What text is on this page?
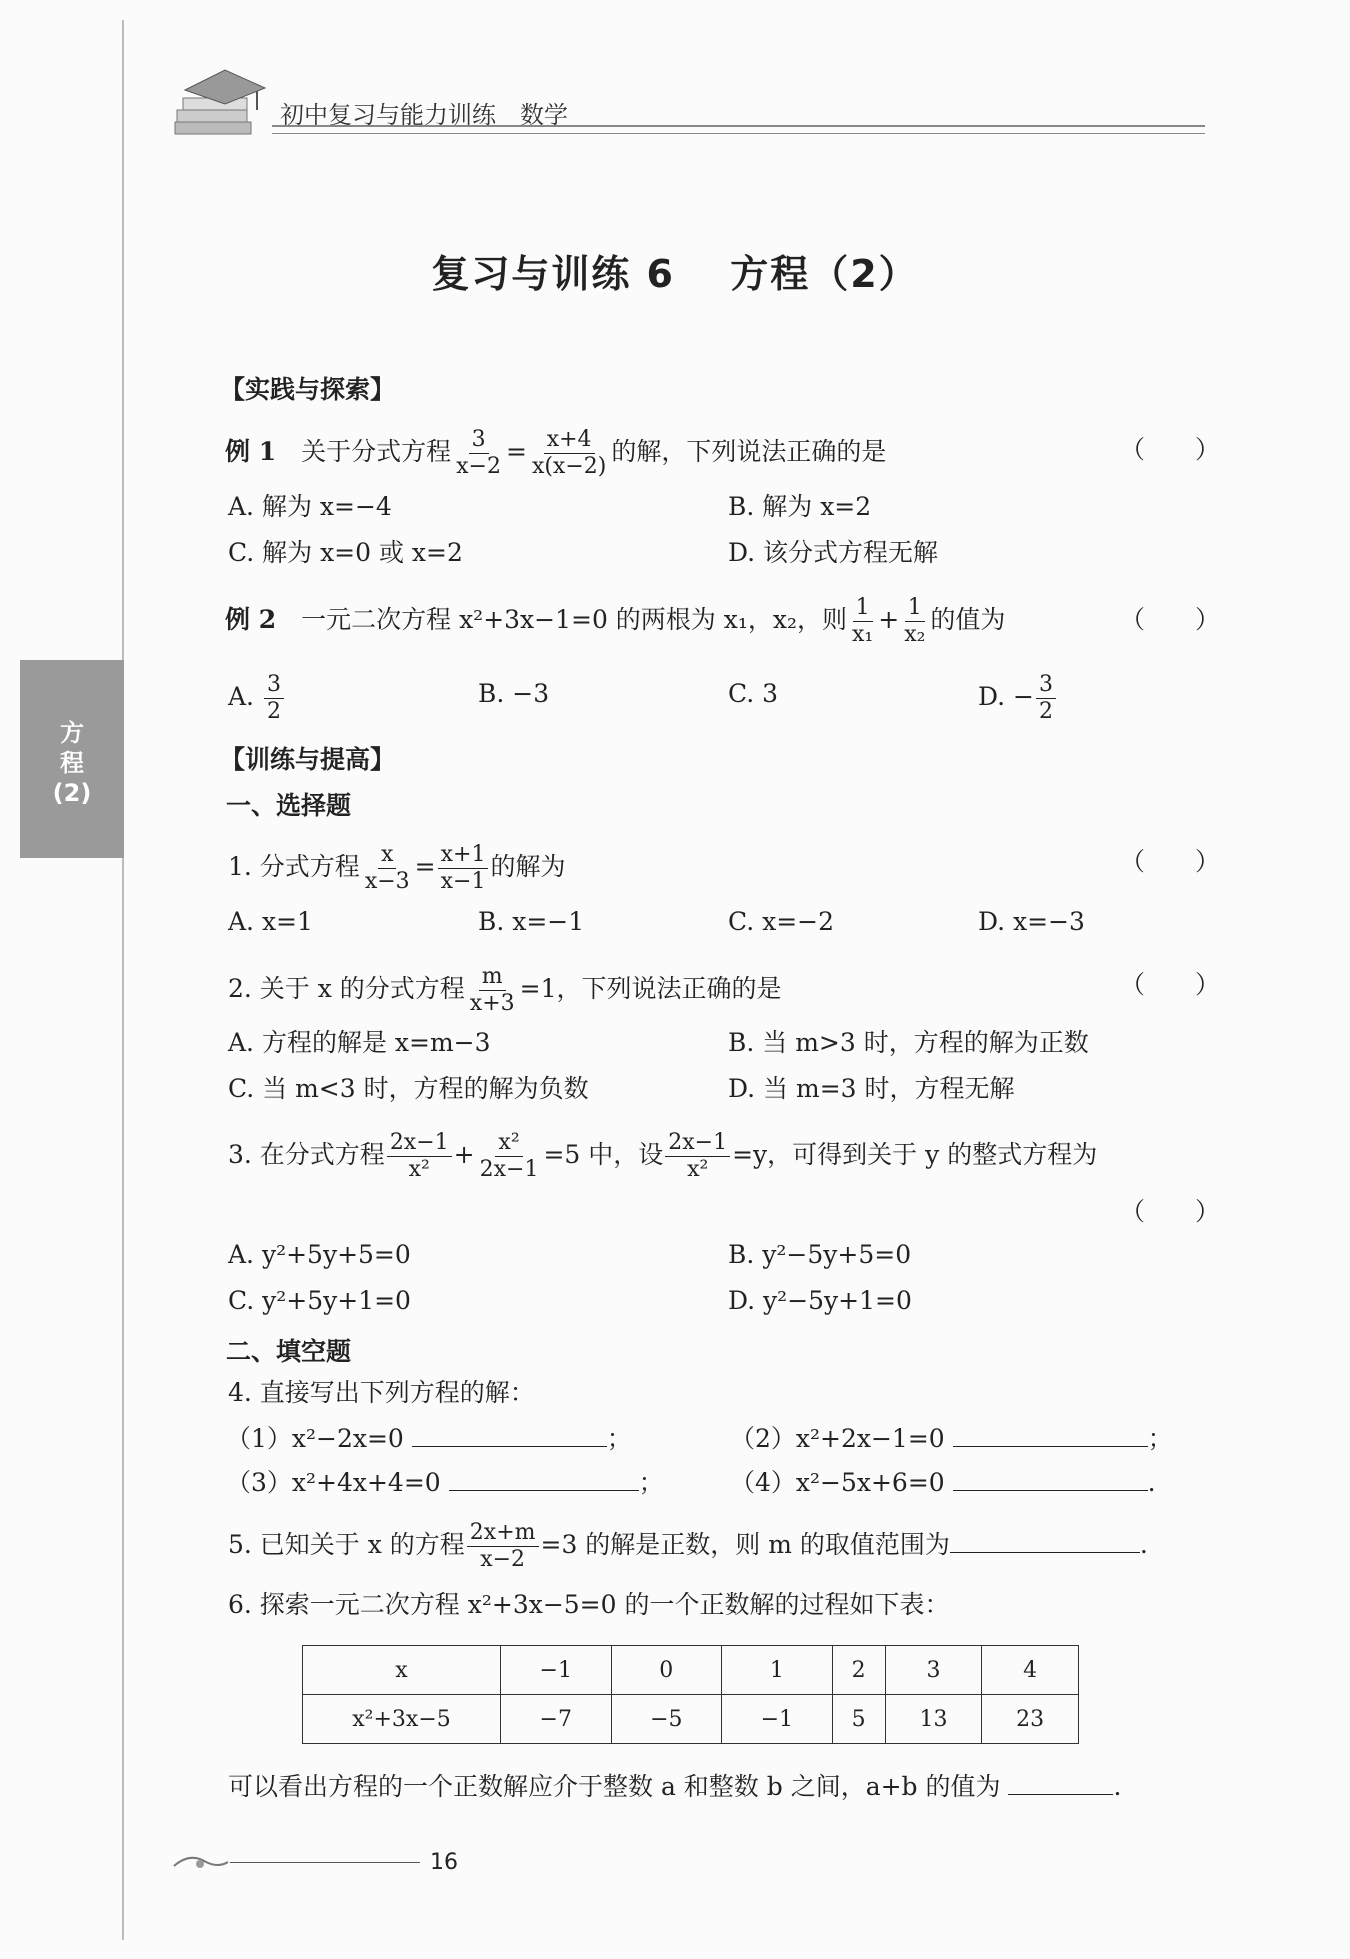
初中复习与能力训练　数学
方
程
(2)
复习与训练 6　 方程（2）
【实践与探索】
例 1　 关于分式方程 $\frac{3}{x-2} = \frac{x+4}{x(x-2)}$ 的解，下列说法正确的是	（　　）
A. 解为 x=−4	B. 解为 x=2
C. 解为 x=0 或 x=2	D. 该分式方程无解
例 2　 一元二次方程 x²+3x−1=0 的两根为 x₁，x₂，则 $\frac{1}{\text{x₁}} + \frac{1}{\text{x₂}}$ 的值为	（　　）
A. $\frac{3}{2}$	B. −3	C. 3	D. − $\frac{3}{2}$
【训练与提高】
一、选择题
1. 分式方程 $\frac{x}{x-3} = \frac{x+1}{x-1}$ 的解为	（　　）
A. x=1	B. x=−1	C. x=−2	D. x=−3
2. 关于 x 的分式方程 $\frac{m}{x+3} =1$，下列说法正确的是	（　　）
A. 方程的解是 x=m−3	B. 当 m>3 时，方程的解为正数
C. 当 m<3 时，方程的解为负数	D. 当 m=3 时，方程无解
3. 在分式方程 $\frac{2x-1}{\text{x²}} + \frac{\text{x²}}{2x-1} =5$ 中，设 $\frac{2x-1}{\text{x²}} =y$，可得到关于 y 的整式方程为
（　　）
A. y²+5y+5=0	B. y²−5y+5=0
C. y²+5y+1=0	D. y²−5y+1=0
二、填空题
4. 直接写出下列方程的解：
（1）x²−2x=0	；	（2）x²+2x−1=0	；
（3）x²+4x+4=0	；	（4）x²−5x+6=0	.
5. 已知关于 x 的方程 $\frac{2x+m}{x-2} =3$ 的解是正数，则 m 的取值范围为	.
6. 探索一元二次方程 x²+3x−5=0 的一个正数解的过程如下表：
x	−1	0	1	2	3	4
x²+3x−5	−7	−5	−1	5	13	23
可以看出方程的一个正数解应介于整数 a 和整数 b 之间，a+b 的值为	.
16
